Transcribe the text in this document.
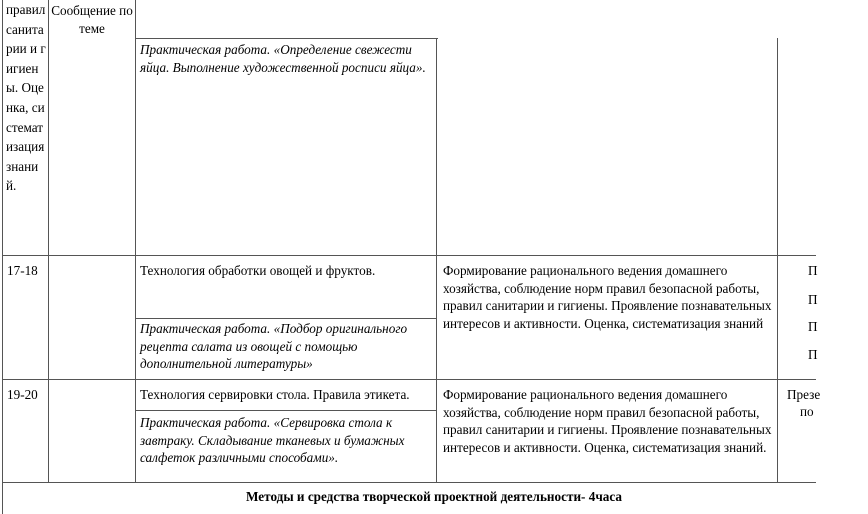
правил санитарии и гигиены. Оценка, систематизация знаний.
Сообщение по теме
Практическая работа. «Определение свежести яйца. Выполнение художественной росписи яйца».
17-18	Технология обработки овощей и фруктов.
Практическая работа. «Подбор оригинального рецепта салата из овощей с помощью дополнительной литературы»
Формирование рационального ведения домашнего хозяйства, соблюдение норм правил безопасной работы, правил санитарии и гигиены. Проявление познавательных интересов и активности. Оценка, систематизация знаний
П
П
П
П
19-20	Технология сервировки стола. Правила этикета.
Практическая работа. «Сервировка стола к завтраку. Складывание тканевых и бумажных салфеток различными способами».
Формирование рационального ведения домашнего хозяйства, соблюдение норм правил безопасной работы, правил санитарии и гигиены. Проявление познавательных интересов и активности. Оценка, систематизация знаний.
Презе
по
Методы и средства творческой проектной деятельности- 4часа
